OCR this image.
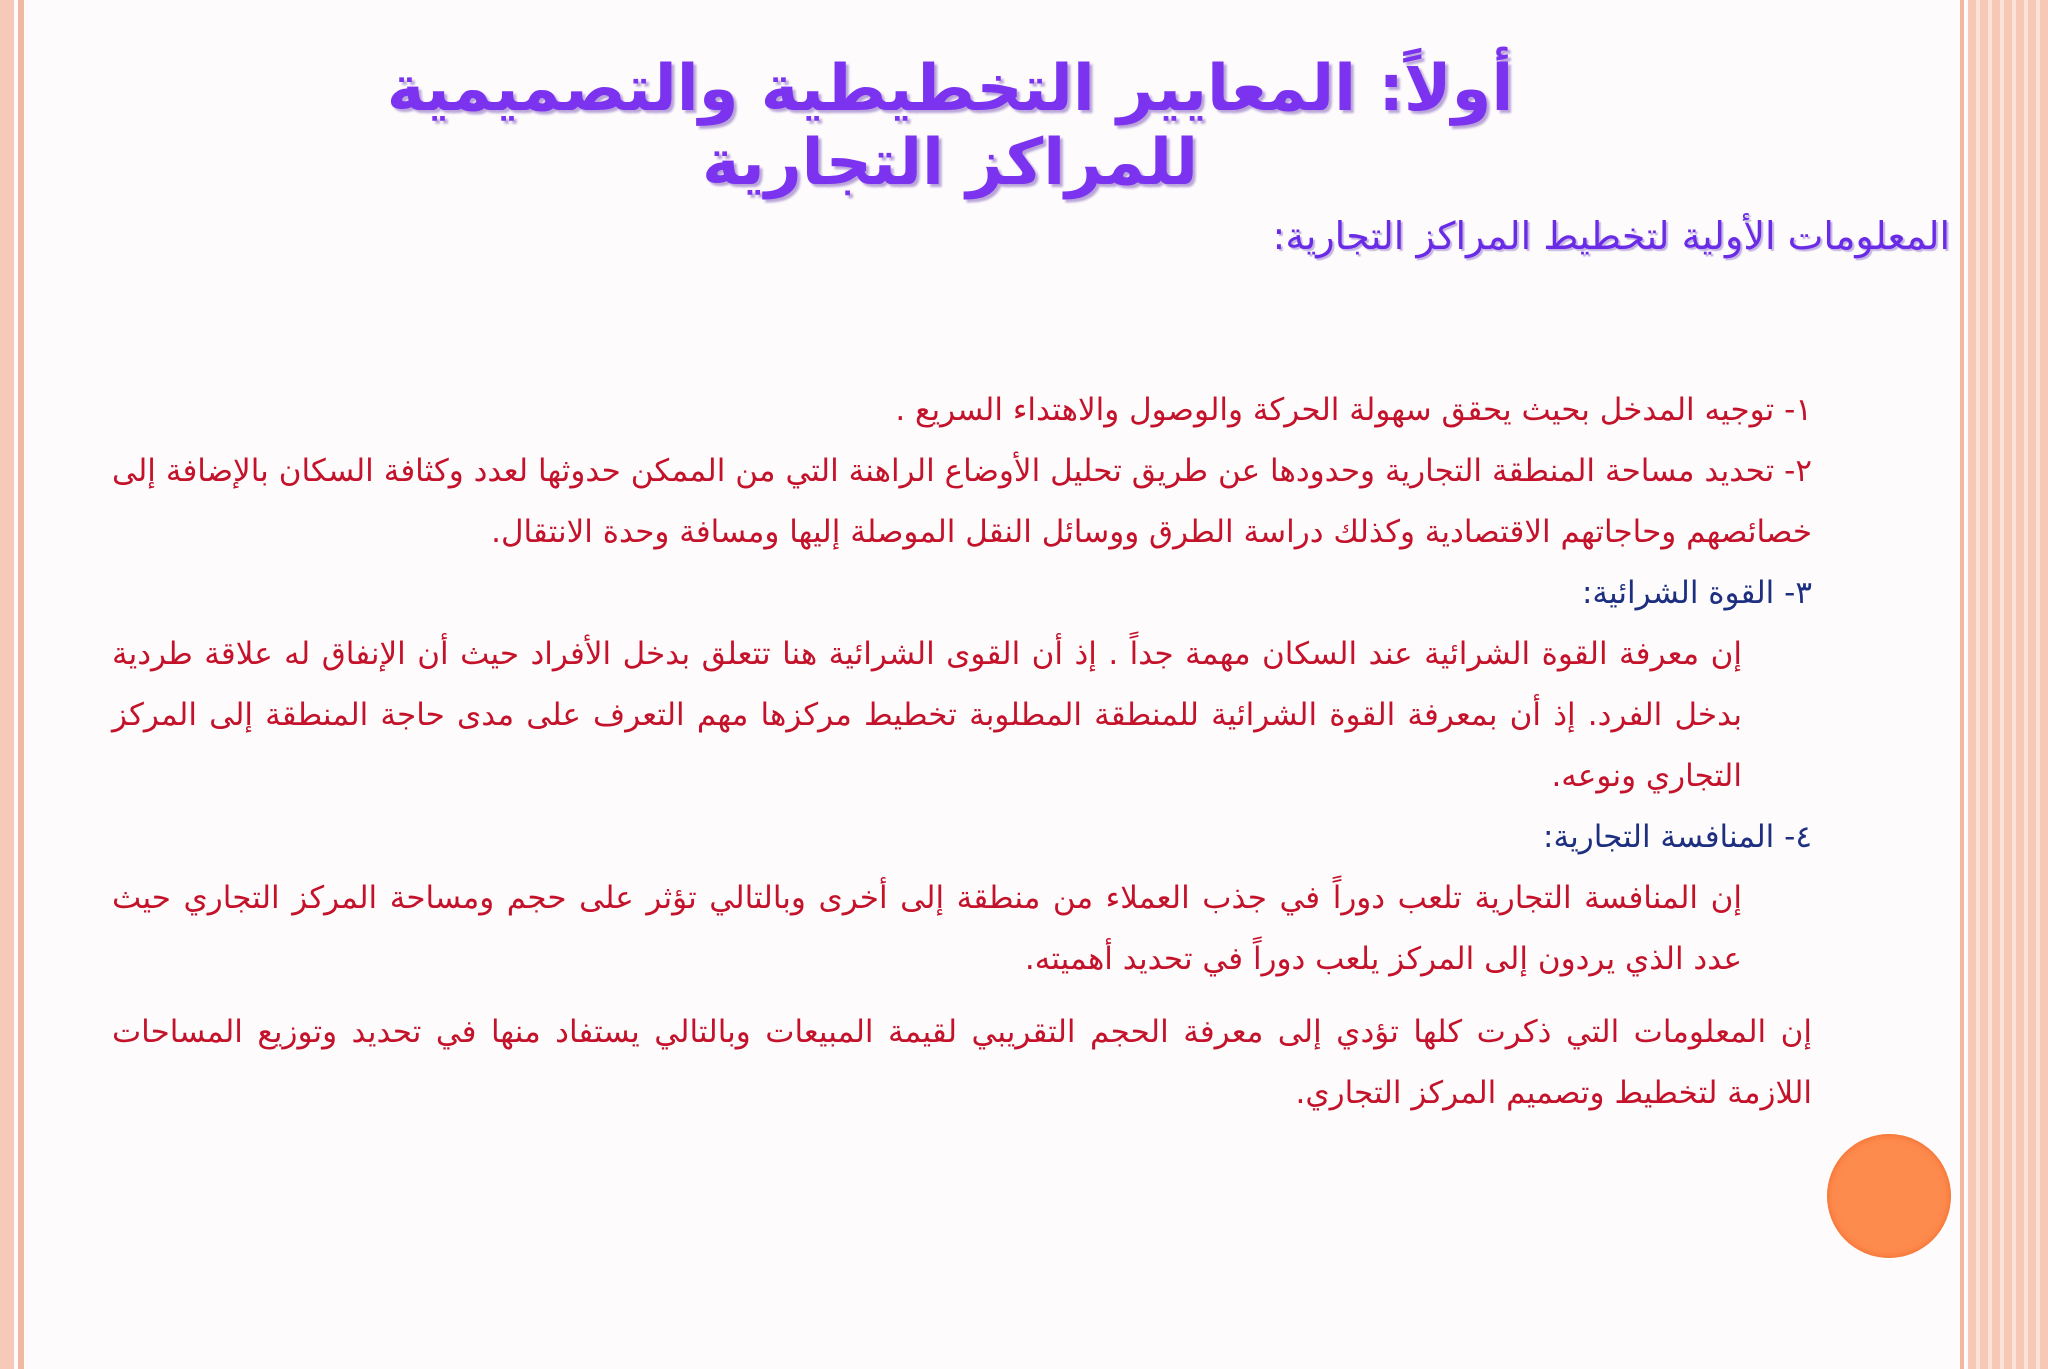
أولاً: المعايير التخطيطية والتصميمية للمراكز التجارية
المعلومات الأولية لتخطيط المراكز التجارية:
١- توجيه المدخل بحيث يحقق سهولة الحركة والوصول والاهتداء السريع .
٢- تحديد مساحة المنطقة التجارية وحدودها عن طريق تحليل الأوضاع الراهنة التي من الممكن حدوثها لعدد وكثافة السكان بالإضافة إلى خصائصهم وحاجاتهم الاقتصادية وكذلك دراسة الطرق ووسائل النقل الموصلة إليها ومسافة وحدة الانتقال.
٣- القوة الشرائية:
إن معرفة القوة الشرائية عند السكان مهمة جداً . إذ أن القوى الشرائية هنا تتعلق بدخل الأفراد حيث أن الإنفاق له علاقة طردية بدخل الفرد. إذ أن بمعرفة القوة الشرائية للمنطقة المطلوبة تخطيط مركزها مهم التعرف على مدى حاجة المنطقة إلى المركز التجاري ونوعه.
٤- المنافسة التجارية:
إن المنافسة التجارية تلعب دوراً في جذب العملاء من منطقة إلى أخرى وبالتالي تؤثر على حجم ومساحة المركز التجاري حيث عدد الذي يردون إلى المركز يلعب دوراً في تحديد أهميته.
إن المعلومات التي ذكرت كلها تؤدي إلى معرفة الحجم التقريبي لقيمة المبيعات وبالتالي يستفاد منها في تحديد وتوزيع المساحات اللازمة لتخطيط وتصميم المركز التجاري.
